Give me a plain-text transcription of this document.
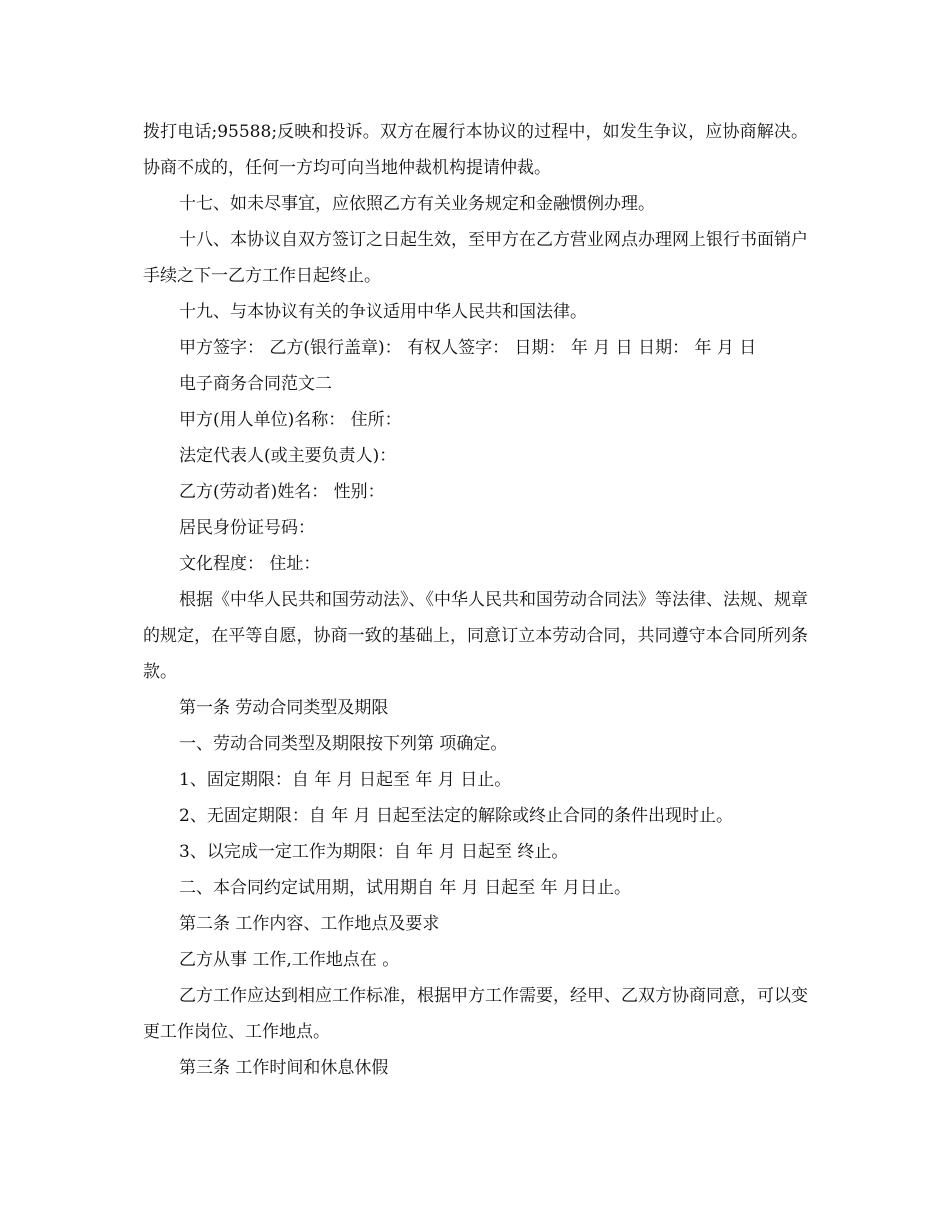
拨打电话;95588;反映和投诉。双方在履行本协议的过程中，如发生争议，应协商解决。协商不成的，任何一方均可向当地仲裁机构提请仲裁。

十七、如未尽事宜，应依照乙方有关业务规定和金融惯例办理。

十八、本协议自双方签订之日起生效，至甲方在乙方营业网点办理网上银行书面销户手续之下一乙方工作日起终止。

十九、与本协议有关的争议适用中华人民共和国法律。

甲方签字： 乙方(银行盖章)： 有权人签字： 日期： 年 月 日 日期： 年 月 日

电子商务合同范文二

甲方(用人单位)名称： 住所：

法定代表人(或主要负责人)：

乙方(劳动者)姓名： 性别：

居民身份证号码：

文化程度： 住址：

根据《中华人民共和国劳动法》、《中华人民共和国劳动合同法》等法律、法规、规章的规定，在平等自愿，协商一致的基础上，同意订立本劳动合同，共同遵守本合同所列条款。

第一条 劳动合同类型及期限

一、劳动合同类型及期限按下列第 项确定。

1、固定期限：自 年 月 日起至 年 月 日止。

2、无固定期限：自 年 月 日起至法定的解除或终止合同的条件出现时止。

3、以完成一定工作为期限：自 年 月 日起至 终止。

二、本合同约定试用期，试用期自 年 月 日起至 年 月日止。

第二条 工作内容、工作地点及要求

乙方从事 工作,工作地点在 。

乙方工作应达到相应工作标准，根据甲方工作需要，经甲、乙双方协商同意，可以变更工作岗位、工作地点。

第三条 工作时间和休息休假
